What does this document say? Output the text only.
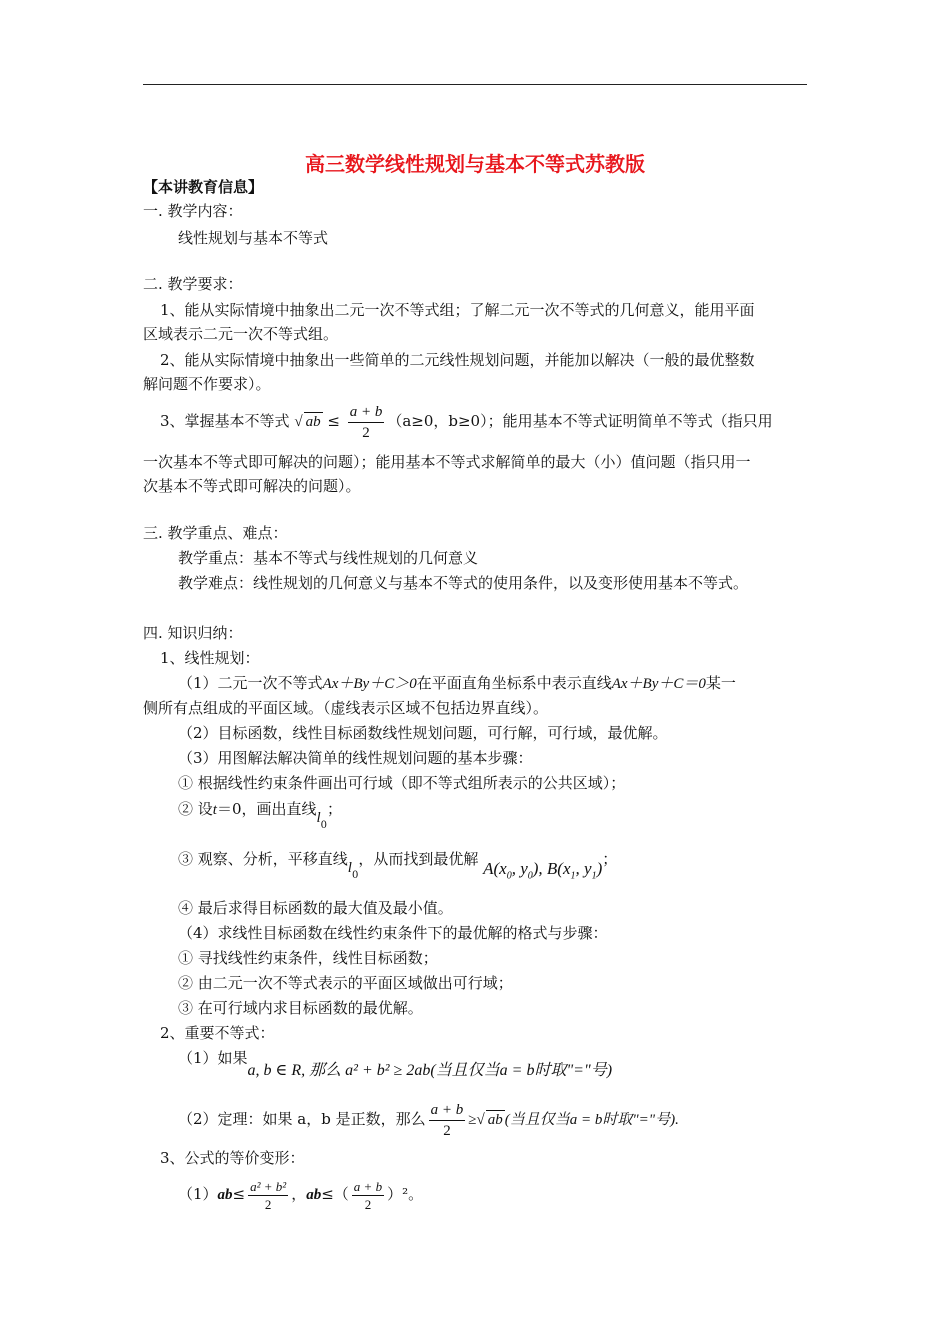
高三数学线性规划与基本不等式苏教版
【本讲教育信息】
一. 教学内容：
线性规划与基本不等式
二. 教学要求：
1、能从实际情境中抽象出二元一次不等式组；了解二元一次不等式的几何意义，能用平面
区域表示二元一次不等式组。
2、能从实际情境中抽象出一些简单的二元线性规划问题，并能加以解决（一般的最优整数
解问题不作要求）。
3、掌握基本不等式 √ ab ≤ $\frac{a + b}{2} (a\ge 0$，b≥0）；能用基本不等式证明简单不等式（指只用
一次基本不等式即可解决的问题）；能用基本不等式求解简单的最大（小）值问题（指只用一
次基本不等式即可解决的问题）。
三. 教学重点、难点：
教学重点：基本不等式与线性规划的几何意义
教学难点：线性规划的几何意义与基本不等式的使用条件，以及变形使用基本不等式。
四. 知识归纳：
1、线性规划：
（1）二元一次不等式Ax＋By＋C＞0在平面直角坐标系中表示直线Ax＋By＋C＝0某一
侧所有点组成的平面区域。（虚线表示区域不包括边界直线）。
（2）目标函数，线性目标函数线性规划问题，可行解，可行域，最优解。
（3）用图解法解决简单的线性规划问题的基本步骤：
① 根据线性约束条件画出可行域（即不等式组所表示的公共区域）；
② 设t＝0，画出直线$l_0$；
③ 观察、分析，平移直线$l_0$，从而找到最优解 $A(x_0$, $y_0$), $B(x_1$, $y_1$)；
④ 最后求得目标函数的最大值及最小值。
（4）求线性目标函数在线性约束条件下的最优解的格式与步骤：
① 寻找线性约束条件，线性目标函数；
② 由二元一次不等式表示的平面区域做出可行域；
③ 在可行域内求目标函数的最优解。
2、重要不等式：
（1）如果a, b ∈ R, 那么 a² + b² ≥ 2ab(当且仅当a = b时取"="号)
（2）定理：如果 a，b 是正数，那么 $\frac{a + b}{2}$ ≥√ ab (当且仅当a = b时取"="号).
3、公式的等价变形：
$(1)ab\le \frac{\text{a² + b²}}{2}$ ，$ab\le( \frac{a + b}{2} )^2$。
